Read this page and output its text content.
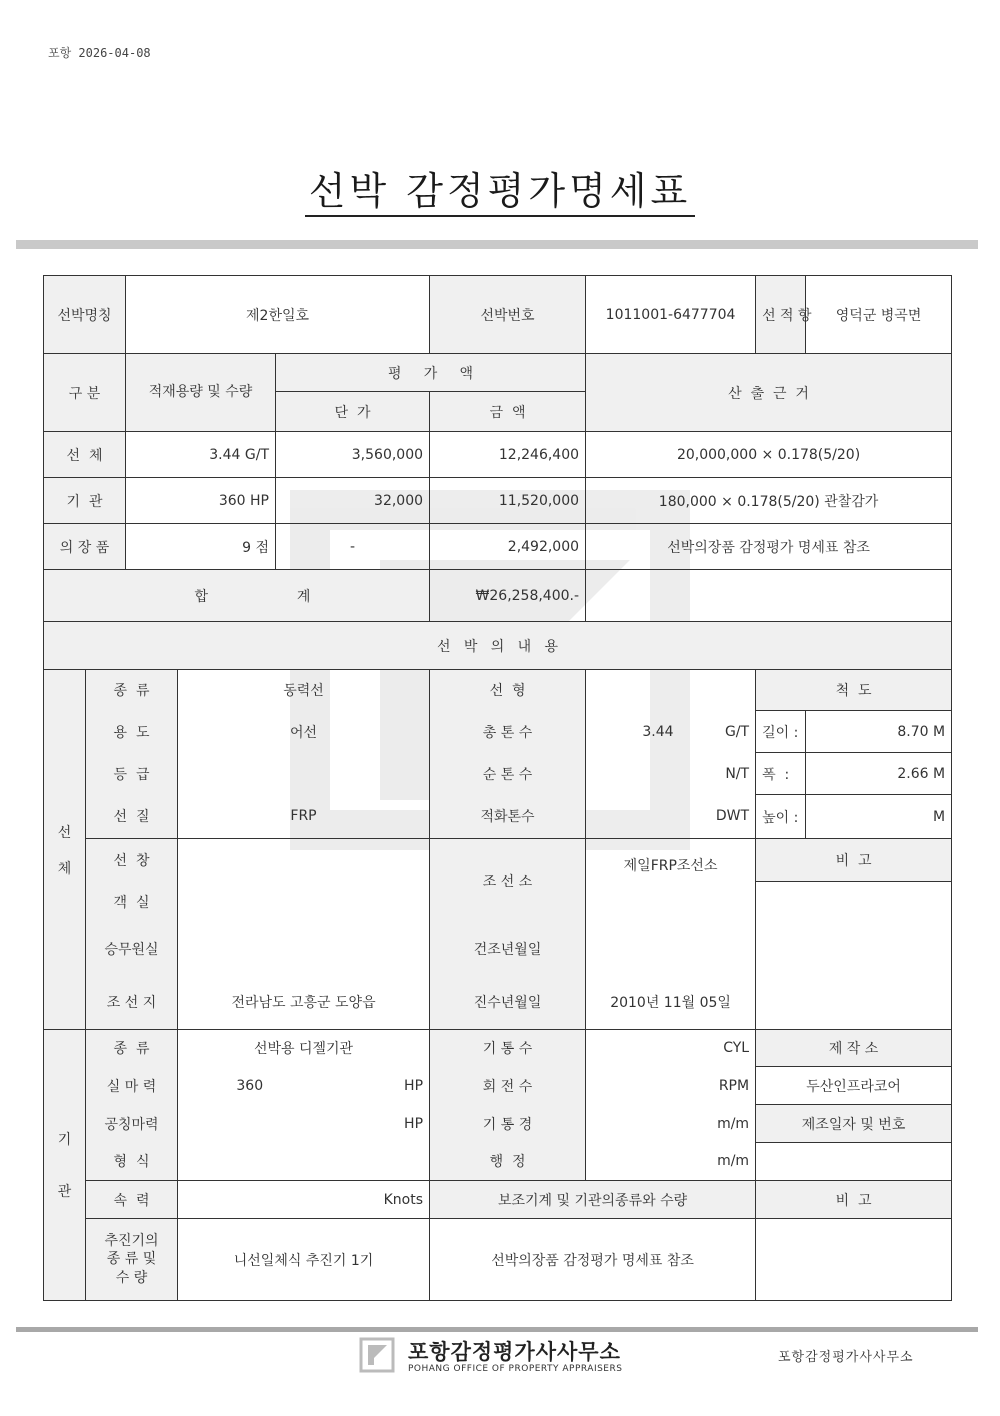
포항 2026-04-08
선박 감정평가명세표
선박명칭		제2한일호				선박번호	1011001-6477704		선 적 항	영덕군 병곡면
구 분		적재용량 및 수량		평     가     액			산  출  근  거			
				단  가		금  액				
선  체		3.44 G/T		3,560,000		12,246,400	20,000,000 × 0.178(5/20)			
기  관		360 HP		32,000		11,520,000	180,000 × 0.178(5/20) 관찰감가			
의 장 품		9 점		-		2,492,000	선박의장품 감정평가 명세표 참조			
합 계						₩26,258,400.-				
선   박   의   내   용										
선

체	종  류		동력선			선  형			척  도	
	용  도		어선			총 톤 수	3.44	G/T	길이 :	8.70 M
	등  급					순 톤 수		N/T	폭  :	2.66 M
	선  질		FRP			적화톤수		DWT	높이 :	M
	선  창					조 선 소	제일FRP조선소		비  고	
	객  실									
	승무원실					건조년월일				
	조 선 지		전라남도 고흥군 도양읍			진수년월일	2010년 11월 05일			
기

관	종  류		선박용 디젤기관			기 통 수	CYL		제 작 소	
	실 마 력		360		HP	회 전 수	RPM		두산인프라코어	
	공칭마력				HP	기 통 경	m/m		제조일자 및 번호	
	형  식					행  정	m/m			
	속  력		Knots			보조기계 및 기관의종류와 수량			비  고	
	추진기의
종 류 및
수 량		니선일체식 추진기 1기			선박의장품 감정평가 명세표 참조				
포항감정평가사사무소
POHANG OFFICE OF PROPERTY APPRAISERS
포항감정평가사사무소
